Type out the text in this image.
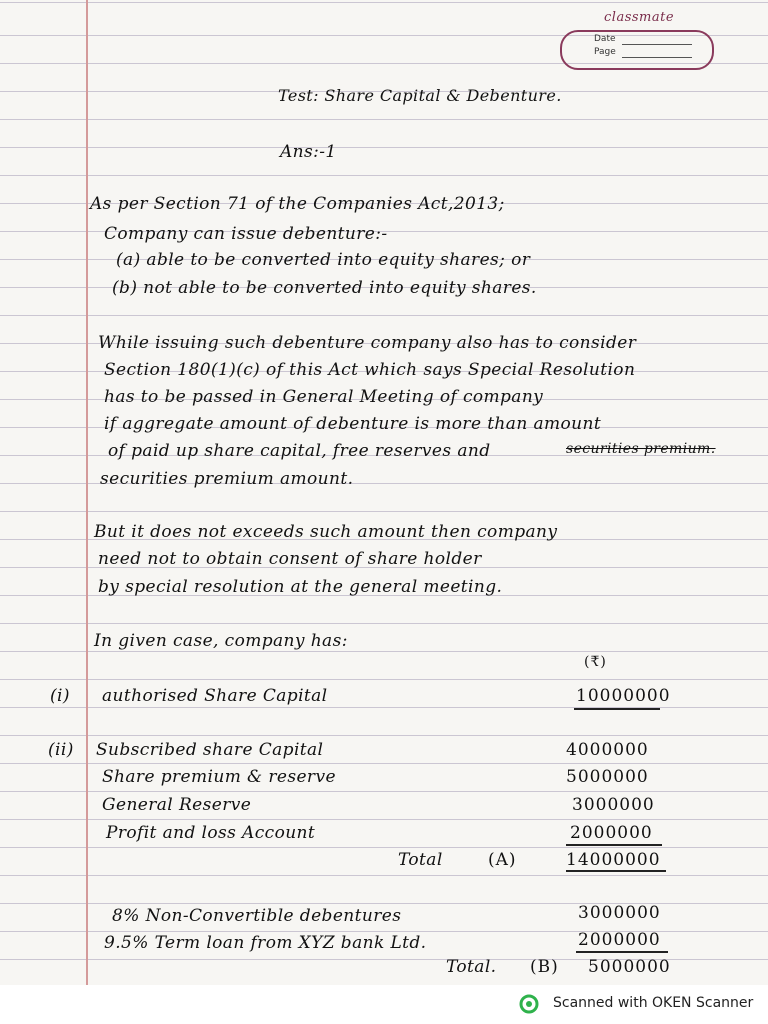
classmate
Date
Page
Test: Share Capital & Debenture.
Ans:-1
As per Section 71 of the Companies Act,2013;
Company can issue debenture:-
(a) able to be converted into equity shares; or
(b) not able to be converted into equity shares.
While issuing such debenture company also has to consider
Section 180(1)(c) of this Act which says Special Resolution
has to be passed in General Meeting of company
if aggregate amount of debenture is more than amount
of paid up share capital, free reserves and	securities premium.
securities premium amount.
But it does not exceeds such amount then company
need not to obtain consent of share holder
by special resolution at the general meeting.
In given case, company has:
(₹)
(i) authorised Share Capital	10000000
(ii) Subscribed share Capital	4000000
Share premium & reserve	5000000
General Reserve	3000000
Profit and loss Account	2000000
Total	(A)	14000000
8% Non-Convertible debentures	3000000
9.5% Term loan from XYZ bank Ltd.	2000000
Total. (B) 5000000
Scanned with OKEN Scanner
